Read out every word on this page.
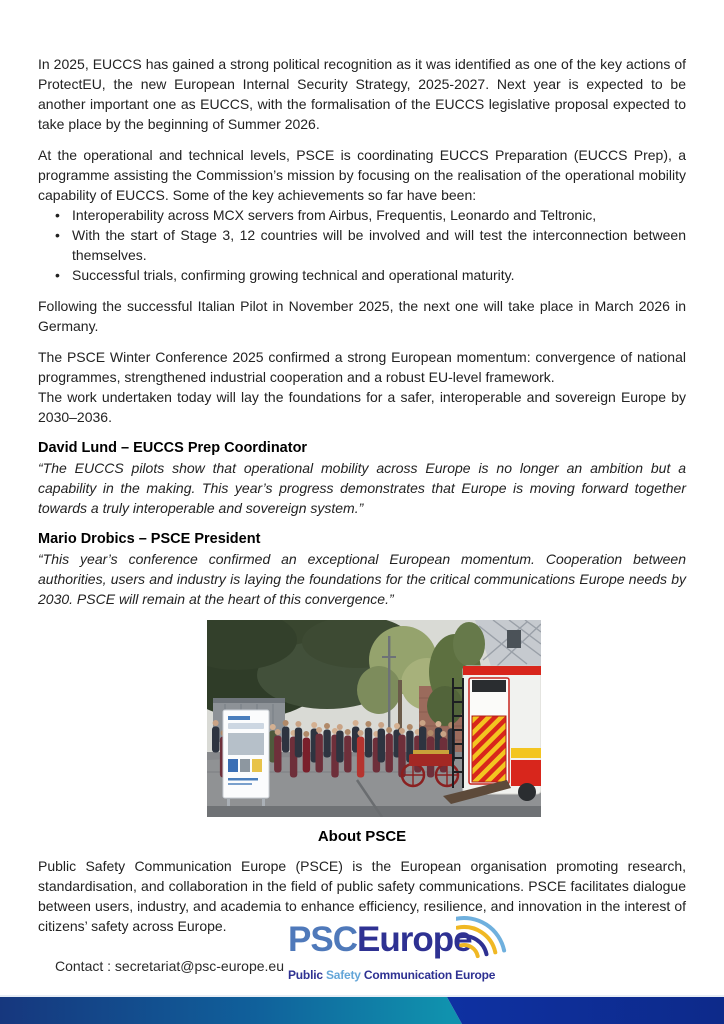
In 2025, EUCCS has gained a strong political recognition as it was identified as one of the key actions of ProtectEU, the new European Internal Security Strategy, 2025-2027. Next year is expected to be another important one as EUCCS, with the formalisation of the EUCCS legislative proposal expected to take place by the beginning of Summer 2026.

At the operational and technical levels, PSCE is coordinating EUCCS Preparation (EUCCS Prep), a programme assisting the Commission’s mission by focusing on the realisation of the operational mobility capability of EUCCS. Some of the key achievements so far have been:

• Interoperability across MCX servers from Airbus, Frequentis, Leonardo and Teltronic,
• With the start of Stage 3, 12 countries will be involved and will test the interconnection between themselves.
• Successful trials, confirming growing technical and operational maturity.

Following the successful Italian Pilot in November 2025, the next one will take place in March 2026 in Germany.

The PSCE Winter Conference 2025 confirmed a strong European momentum: convergence of national programmes, strengthened industrial cooperation and a robust EU-level framework.

The work undertaken today will lay the foundations for a safer, interoperable and sovereign Europe by 2030–2036.

David Lund – EUCCS Prep Coordinator

“The EUCCS pilots show that operational mobility across Europe is no longer an ambition but a capability in the making. This year’s progress demonstrates that Europe is moving forward together towards a truly interoperable and sovereign system.”

Mario Drobics – PSCE President

“This year’s conference confirmed an exceptional European momentum. Cooperation between authorities, users and industry is laying the foundations for the critical communications Europe needs by 2030. PSCE will remain at the heart of this convergence.”

About PSCE

Public Safety Communication Europe (PSCE) is the European organisation promoting research, standardisation, and collaboration in the field of public safety communications. PSCE facilitates dialogue between users, industry, and academia to enhance efficiency, resilience, and innovation in the interest of citizens’ safety across Europe.

Contact : secretariat@psc-europe.eu
PSCEurope
Public Safety Communication Europe
